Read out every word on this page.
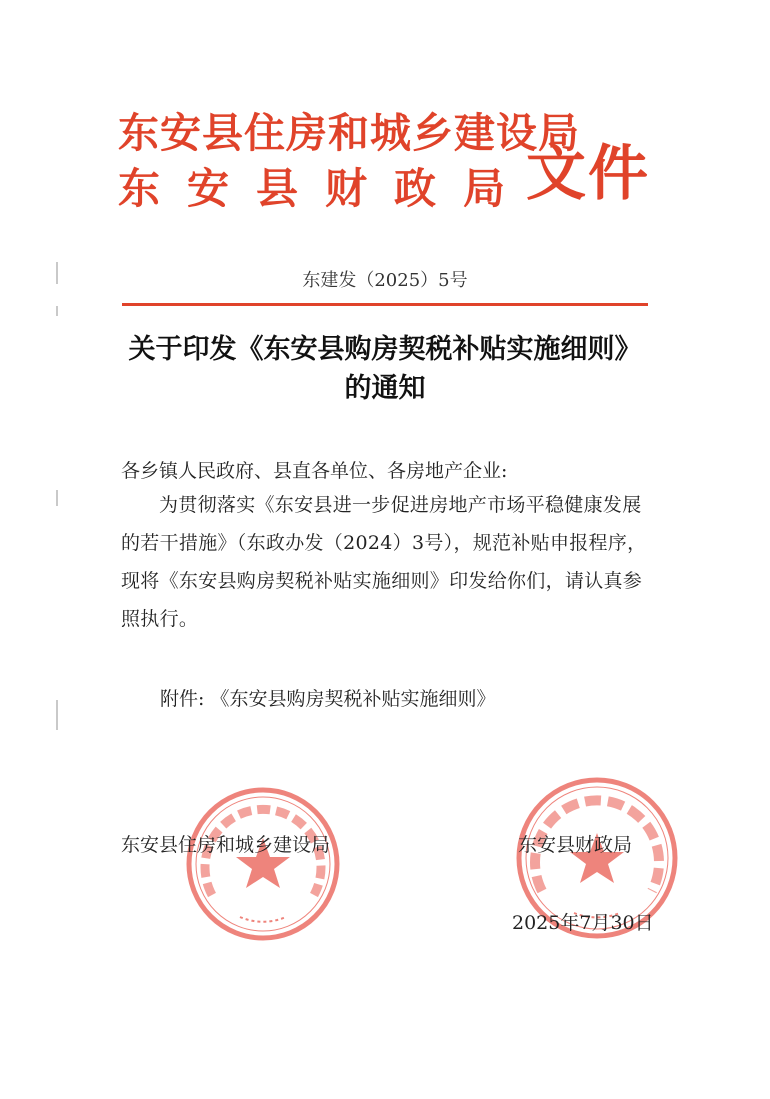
东安县住房和城乡建设局
东安县财政局
文件
东建发（2025）5号
关于印发《东安县购房契税补贴实施细则》的通知
各乡镇人民政府、县直各单位、各房地产企业:
为贯彻落实《东安县进一步促进房地产市场平稳健康发展的若干措施》（东政办发（2024）3号），规范补贴申报程序，现将《东安县购房契税补贴实施细则》印发给你们，请认真参照执行。
附件: 《东安县购房契税补贴实施细则》
东安县住房和城乡建设局	东安县财政局
2025年7月30日
